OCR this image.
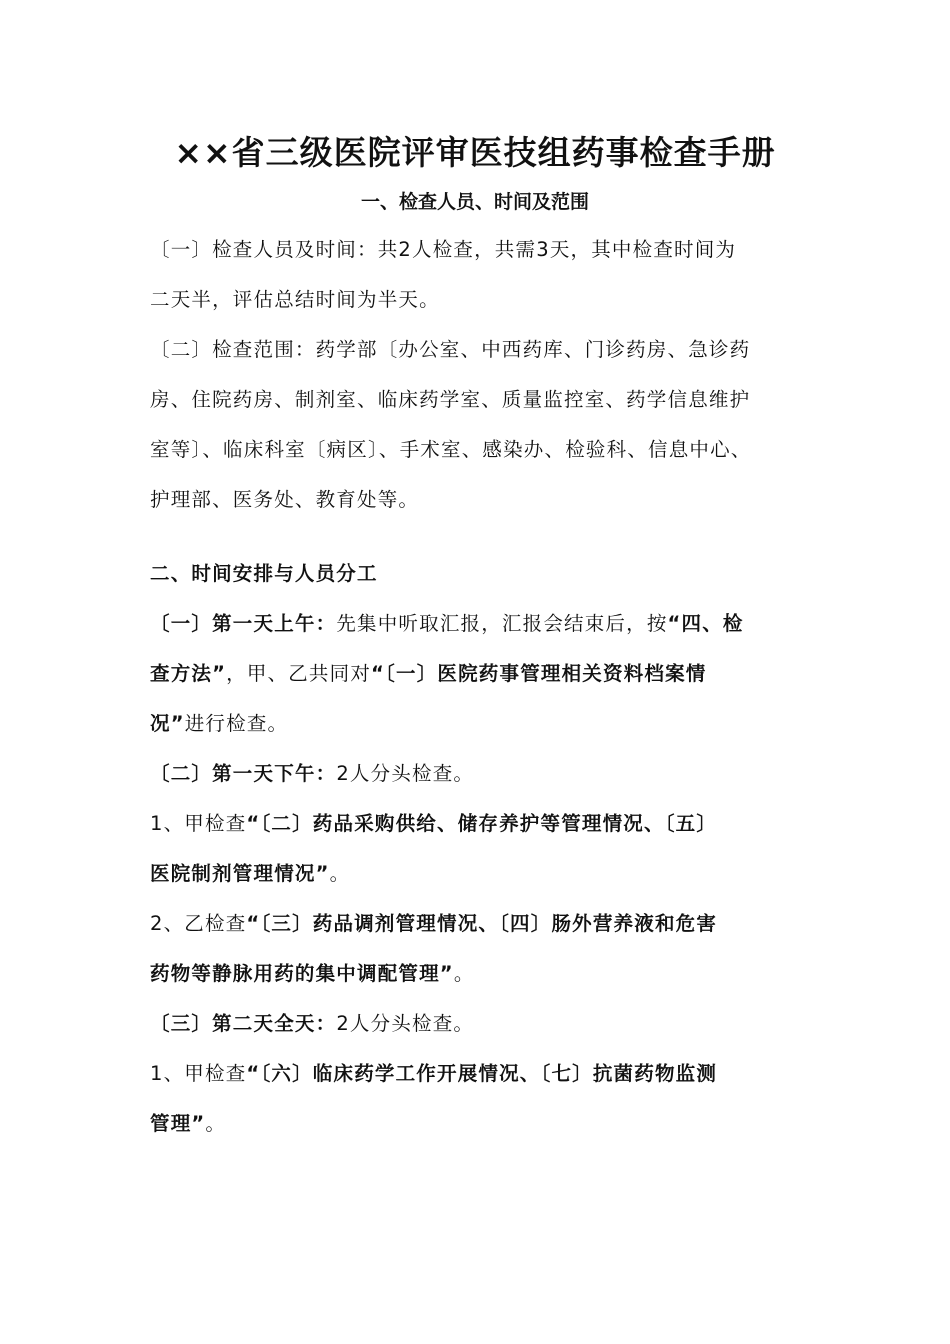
××省三级医院评审医技组药事检查手册
一、检查人员、时间及范围
〔一〕检查人员及时间：共2人检查，共需3天，其中检查时间为
二天半，评估总结时间为半天。
〔二〕检查范围：药学部〔办公室、中西药库、门诊药房、急诊药
房、住院药房、制剂室、临床药学室、质量监控室、药学信息维护
室等〕、临床科室〔病区〕、手术室、感染办、检验科、信息中心、
护理部、医务处、教育处等。
二、时间安排与人员分工
〔一〕第一天上午：先集中听取汇报，汇报会结束后，按“四、检
查方法”，甲、乙共同对“〔一〕医院药事管理相关资料档案情
况”进行检查。
〔二〕第一天下午：2人分头检查。
1、甲检查“〔二〕药品采购供给、储存养护等管理情况、〔五〕
医院制剂管理情况”。
2、乙检查“〔三〕药品调剂管理情况、〔四〕肠外营养液和危害
药物等静脉用药的集中调配管理”。
〔三〕第二天全天：2人分头检查。
1、甲检查“〔六〕临床药学工作开展情况、〔七〕抗菌药物监测
管理”。
